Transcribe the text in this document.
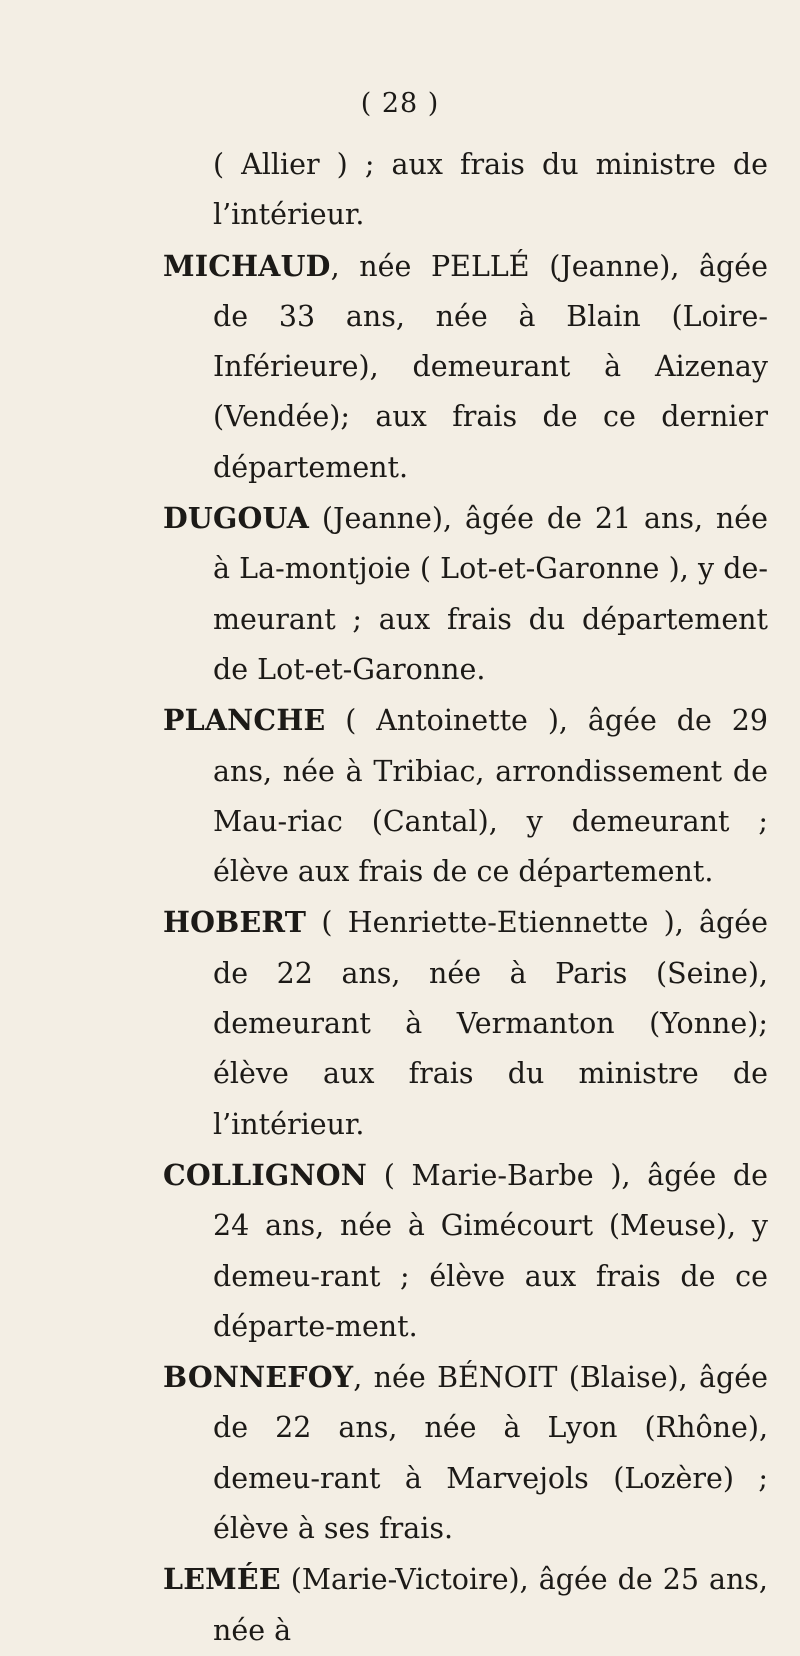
( 28 )

( Allier ) ; aux frais du ministre de l’intérieur.

MICHAUD, née PELLÉ (Jeanne), âgée de 33 ans, née à Blain (Loire-Inférieure), demeurant à Aizenay (Vendée); aux frais de ce dernier département.

DUGOUA (Jeanne), âgée de 21 ans, née à La-montjoie ( Lot-et-Garonne ), y de-meurant ; aux frais du département de Lot-et-Garonne.

PLANCHE ( Antoinette ), âgée de 29 ans, née à Tribiac, arrondissement de Mau-riac (Cantal), y demeurant ; élève aux frais de ce département.

HOBERT ( Henriette-Etiennette ), âgée de 22 ans, née à Paris (Seine), demeurant à Vermanton (Yonne); élève aux frais du ministre de l’intérieur.

COLLIGNON ( Marie-Barbe ), âgée de 24 ans, née à Gimécourt (Meuse), y demeu-rant ; élève aux frais de ce départe-ment.

BONNEFOY, née BÉNOIT (Blaise), âgée de 22 ans, née à Lyon (Rhône), demeu-rant à Marvejols (Lozère) ; élève à ses frais.

LEMÉE (Marie-Victoire), âgée de 25 ans, née à
